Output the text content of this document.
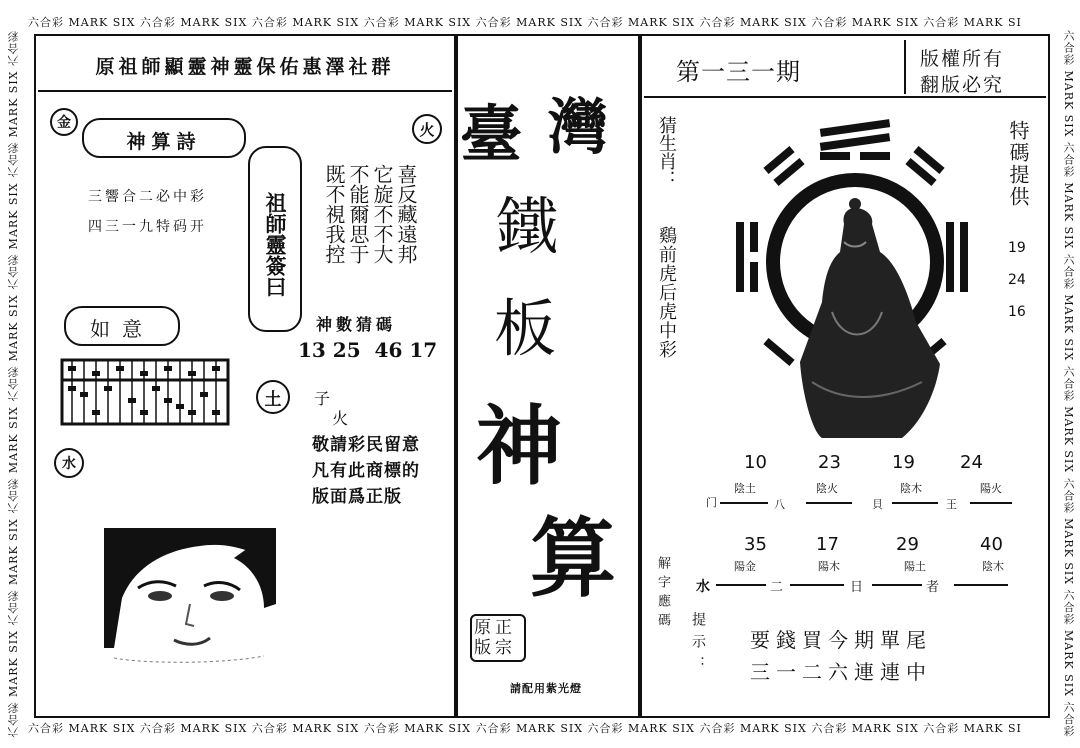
六合彩 MARK SIX 六合彩 MARK SIX 六合彩 MARK SIX 六合彩 MARK SIX 六合彩 MARK SIX 六合彩 MARK SIX 六合彩 MARK SIX 六合彩 MARK SIX 六合彩 MARK SI
六合彩 MARK SIX 六合彩 MARK SIX 六合彩 MARK SIX 六合彩 MARK SIX 六合彩 MARK SIX 六合彩 MARK SIX 六合彩 MARK SIX 六合彩 MARK SIX 六合彩 MARK SI
六合彩 MARK SIX 六合彩 MARK SIX 六合彩 MARK SIX 六合彩 MARK SIX 六合彩 MARK SIX 六合彩 MARK SIX 六合彩	六合彩 MARK SIX 六合彩 MARK SIX 六合彩 MARK SIX 六合彩 MARK SIX 六合彩 MARK SIX 六合彩 MARK SIX 六合彩
原祖師顯靈神靈保佑惠澤社群
金	火
神算詩
三響合二必中彩
四三一九特码开	祖師靈簽曰	喜反藏遠邦
它旋不不大
不能爾思于
既不視我控
神數猜碼
13 25  46 17
如意
土	子
火
敬請彩民留意
凡有此商標的
版面爲正版
水
臺 灣
鐵
板
神
算
原正版宗
請配用紫光燈
第一三一期	版權所有
翻版必究
猜生肖：
鷄前虎后虎中彩
特碼提供
19
24
16
门
10	23	19	24
陰土	陰火	陰木	陽火
八	貝	王
解字應碼
35	17	29	40
陽金	陽木	陽土	陰木
水	二	日	者
提示： 要錢買今期單尾
三一二六連連中
